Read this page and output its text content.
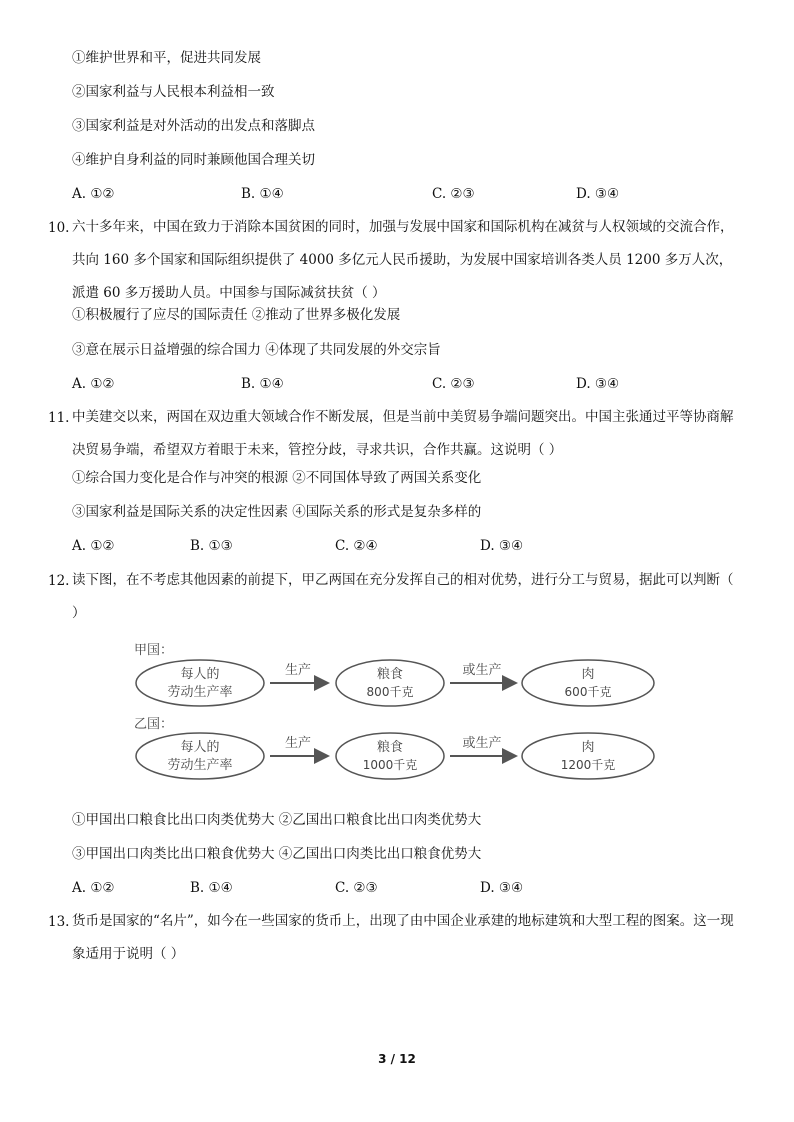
①维护世界和平，促进共同发展
②国家利益与人民根本利益相一致
③国家利益是对外活动的出发点和落脚点
④维护自身利益的同时兼顾他国合理关切
A. ①②	B. ①④	C. ②③	D. ③④
10. 六十多年来，中国在致力于消除本国贫困的同时，加强与发展中国家和国际机构在减贫与人权领域的交流合作，共向 160 多个国家和国际组织提供了 4000 多亿元人民币援助，为发展中国家培训各类人员 1200 多万人次，派遣 60 多万援助人员。中国参与国际减贫扶贫（ ）
①积极履行了应尽的国际责任 ②推动了世界多极化发展
③意在展示日益增强的综合国力 ④体现了共同发展的外交宗旨
A. ①②	B. ①④	C. ②③	D. ③④
11. 中美建交以来，两国在双边重大领域合作不断发展，但是当前中美贸易争端问题突出。中国主张通过平等协商解决贸易争端，希望双方着眼于未来，管控分歧，寻求共识，合作共赢。这说明（ ）
①综合国力变化是合作与冲突的根源 ②不同国体导致了两国关系变化
③国家利益是国际关系的决定性因素 ④国际关系的形式是复杂多样的
A. ①②	B. ①③	C. ②④	D. ③④
12. 读下图，在不考虑其他因素的前提下，甲乙两国在充分发挥自己的相对优势，进行分工与贸易，据此可以判断（ ）
甲国：
每人的
劳动生产率
生产	粮食
800千克
或生产	肉
600千克
乙国：
每人的
劳动生产率
生产	粮食
1000千克
或生产	肉
1200千克
①甲国出口粮食比出口肉类优势大 ②乙国出口粮食比出口肉类优势大
③甲国出口肉类比出口粮食优势大 ④乙国出口肉类比出口粮食优势大
A. ①②	B. ①④	C. ②③	D. ③④
13. 货币是国家的“名片”，如今在一些国家的货币上，出现了由中国企业承建的地标建筑和大型工程的图案。这一现象适用于说明（ ）
3 / 12
